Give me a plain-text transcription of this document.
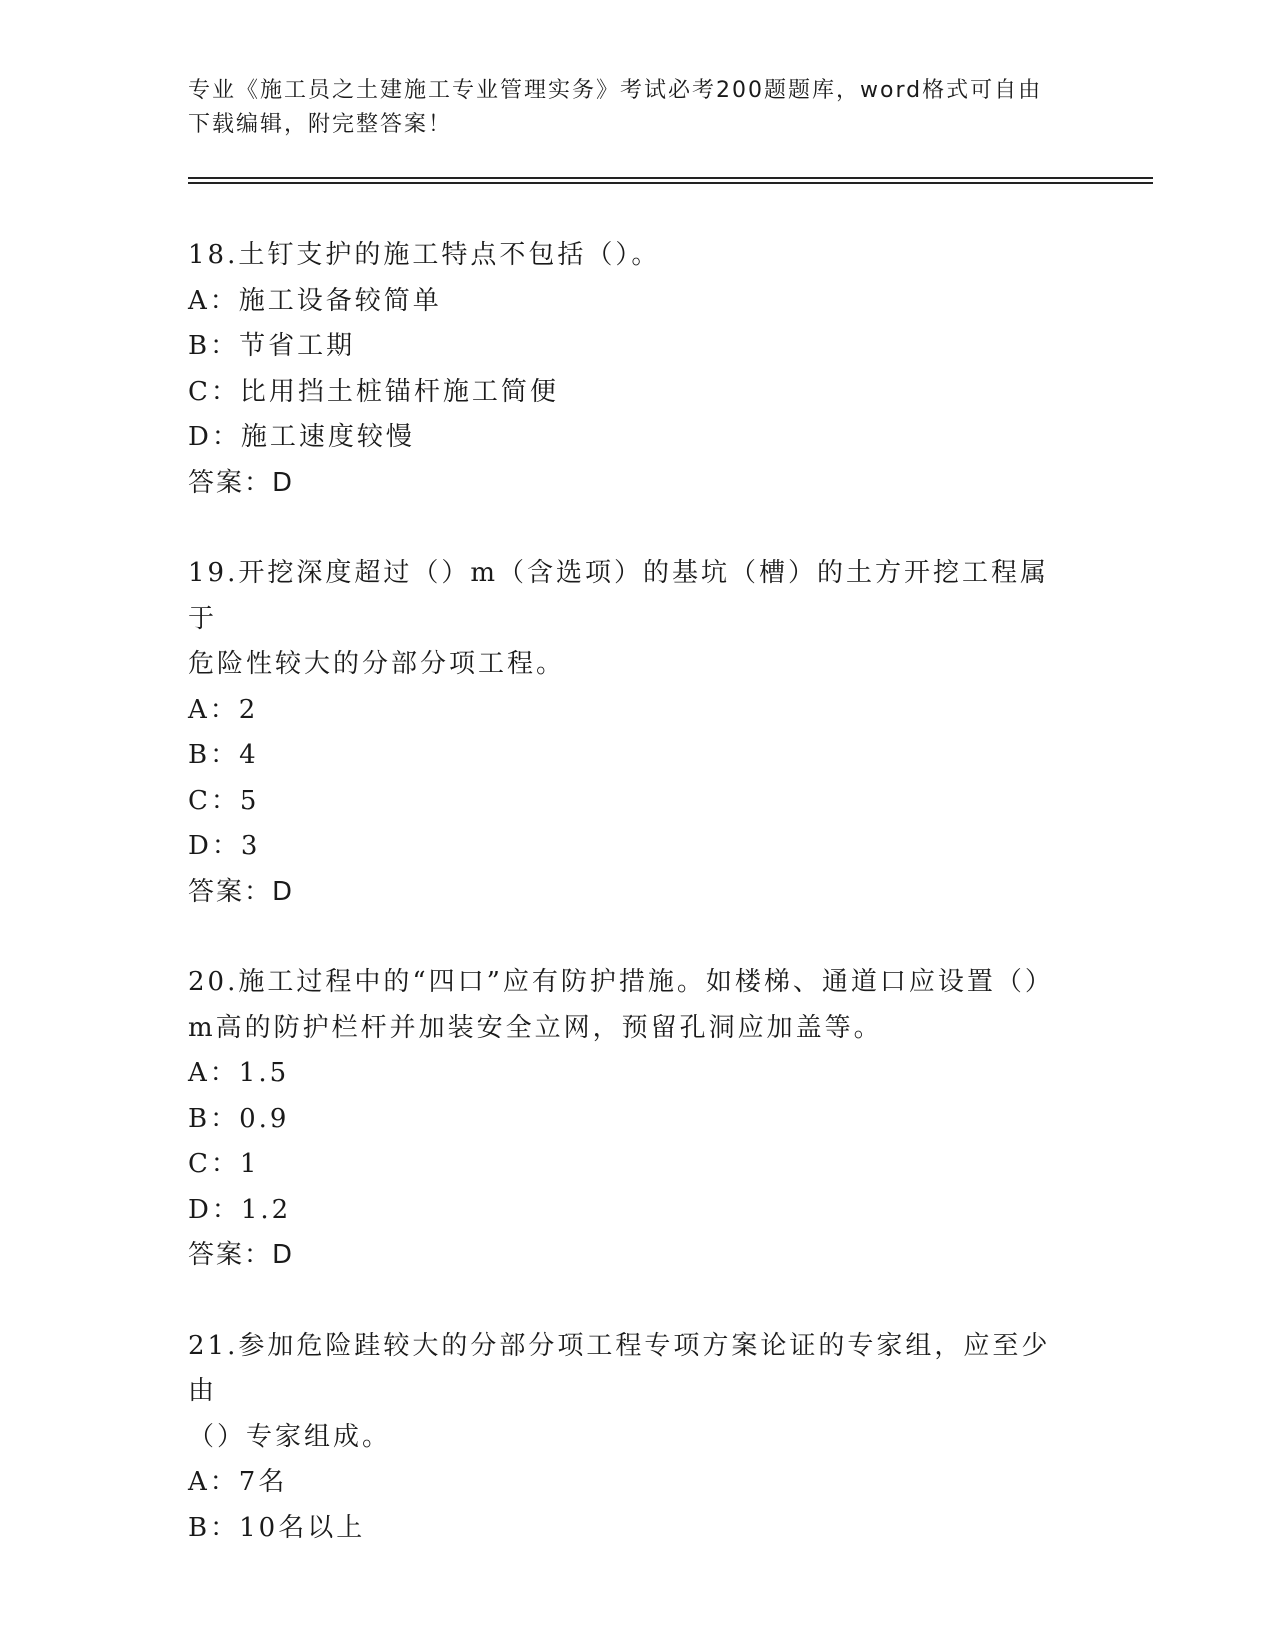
专业《施工员之土建施工专业管理实务》考试必考200题题库，word格式可自由
下载编辑，附完整答案！
18.土钉支护的施工特点不包括（）。
A：施工设备较简单
B：节省工期
C：比用挡土桩锚杆施工简便
D：施工速度较慢
答案：D
19.开挖深度超过（）m（含选项）的基坑（槽）的土方开挖工程属于
危险性较大的分部分项工程。
A：2
B：4
C：5
D：3
答案：D
20.施工过程中的“四口”应有防护措施。如楼梯、通道口应设置（）
m高的防护栏杆并加装安全立网，预留孔洞应加盖等。
A：1.5
B：0.9
C：1
D：1.2
答案：D
21.参加危险跬较大的分部分项工程专项方案论证的专家组，应至少由
（）专家组成。
A：7名
B：10名以上
